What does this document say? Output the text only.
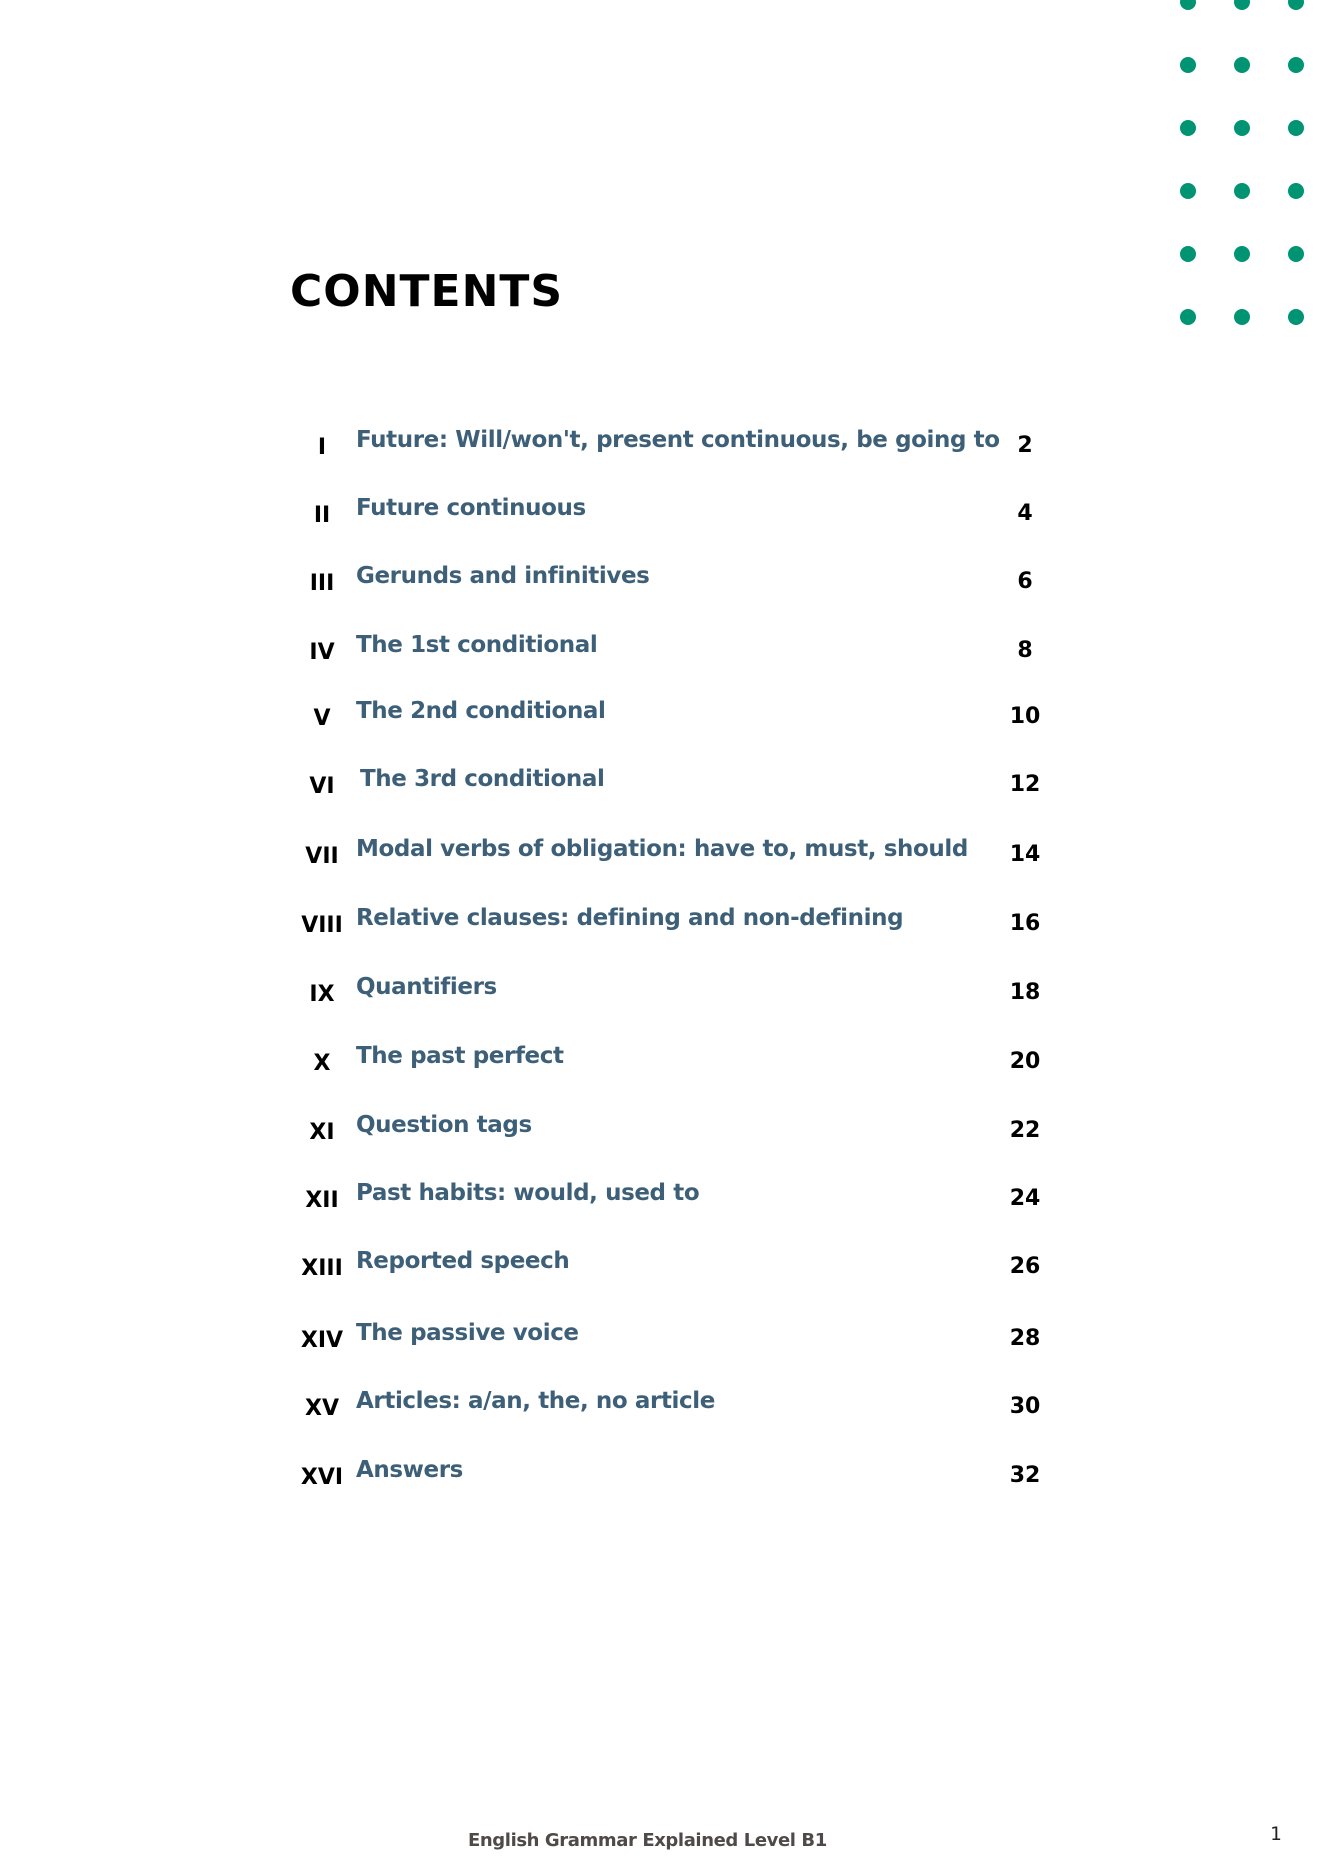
CONTENTS
I	Future: Will/won't, present continuous, be going to 2
II	Future continuous	4
III Gerunds and infinitives	6
IV The 1st conditional	8
V	The 2nd conditional	10
VI	The 3rd conditional	12
VII Modal verbs of obligation: have to, must, should	14
VIII Relative clauses: defining and non-defining	16
IX Quantifiers	18
X	The past perfect	20
XI Question tags	22
XII Past habits: would, used to	24
XIII Reported speech	26
XIV The passive voice	28
XV Articles: a/an, the, no article	30
XVI Answers	32
English Grammar Explained Level B1	1
